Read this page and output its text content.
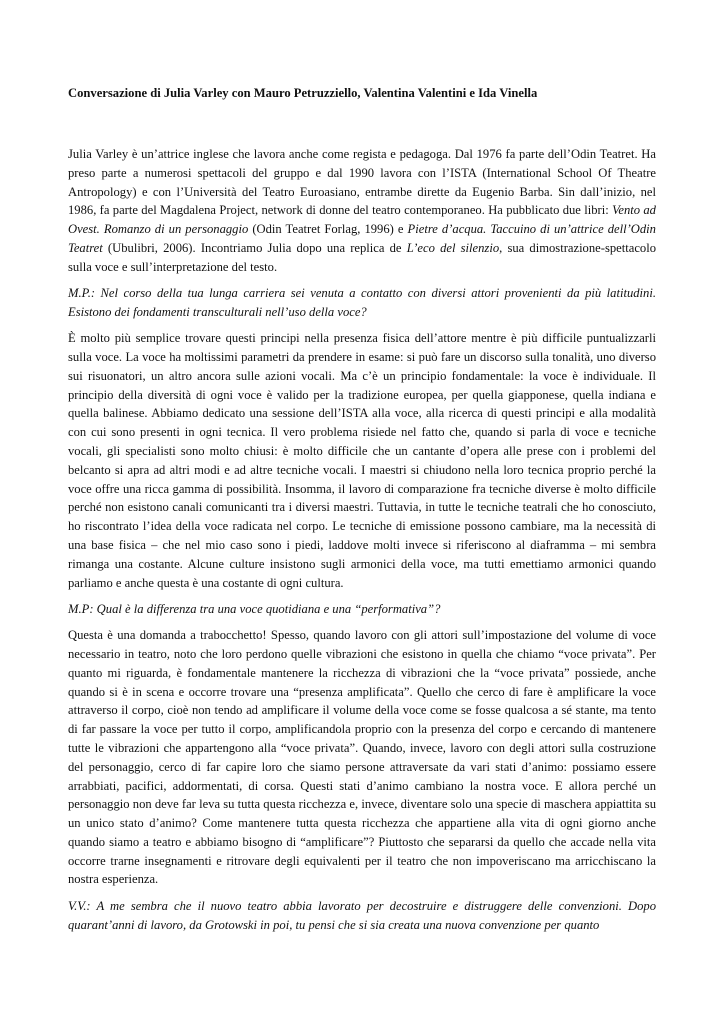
Conversazione di Julia Varley con Mauro Petruzziello, Valentina Valentini e Ida Vinella

Julia Varley è un’attrice inglese che lavora anche come regista e pedagoga. Dal 1976 fa parte dell’Odin Teatret. Ha preso parte a numerosi spettacoli del gruppo e dal 1990 lavora con l’ISTA (International School Of Theatre Antropology) e con l’Università del Teatro Euroasiano, entrambe dirette da Eugenio Barba. Sin dall’inizio, nel 1986, fa parte del Magdalena Project, network di donne del teatro contemporaneo. Ha pubblicato due libri: Vento ad Ovest. Romanzo di un personaggio (Odin Teatret Forlag, 1996) e Pietre d’acqua. Taccuino di un’attrice dell’Odin Teatret (Ubulibri, 2006). Incontriamo Julia dopo una replica de L’eco del silenzio, sua dimostrazione-spettacolo sulla voce e sull’interpretazione del testo.

M.P.: Nel corso della tua lunga carriera sei venuta a contatto con diversi attori provenienti da più latitudini. Esistono dei fondamenti transculturali nell’uso della voce?

È molto più semplice trovare questi principi nella presenza fisica dell’attore mentre è più difficile puntualizzarli sulla voce. La voce ha moltissimi parametri da prendere in esame: si può fare un discorso sulla tonalità, uno diverso sui risuonatori, un altro ancora sulle azioni vocali. Ma c’è un principio fondamentale: la voce è individuale. Il principio della diversità di ogni voce è valido per la tradizione europea, per quella giapponese, quella indiana e quella balinese. Abbiamo dedicato una sessione dell’ISTA alla voce, alla ricerca di questi principi e alla modalità con cui sono presenti in ogni tecnica. Il vero problema risiede nel fatto che, quando si parla di voce e tecniche vocali, gli specialisti sono molto chiusi: è molto difficile che un cantante d’opera alle prese con i problemi del belcanto si apra ad altri modi e ad altre tecniche vocali. I maestri si chiudono nella loro tecnica proprio perché la voce offre una ricca gamma di possibilità. Insomma, il lavoro di comparazione fra tecniche diverse è molto difficile perché non esistono canali comunicanti tra i diversi maestri. Tuttavia, in tutte le tecniche teatrali che ho conosciuto, ho riscontrato l’idea della voce radicata nel corpo. Le tecniche di emissione possono cambiare, ma la necessità di una base fisica – che nel mio caso sono i piedi, laddove molti invece si riferiscono al diaframma – mi sembra rimanga una costante. Alcune culture insistono sugli armonici della voce, ma tutti emettiamo armonici quando parliamo e anche questa è una costante di ogni cultura.

M.P: Qual è la differenza tra una voce quotidiana e una “performativa”?

Questa è una domanda a trabocchetto! Spesso, quando lavoro con gli attori sull’impostazione del volume di voce necessario in teatro, noto che loro perdono quelle vibrazioni che esistono in quella che chiamo “voce privata”. Per quanto mi riguarda, è fondamentale mantenere la ricchezza di vibrazioni che la “voce privata” possiede, anche quando si è in scena e occorre trovare una “presenza amplificata”. Quello che cerco di fare è amplificare la voce attraverso il corpo, cioè non tendo ad amplificare il volume della voce come se fosse qualcosa a sé stante, ma tento di far passare la voce per tutto il corpo, amplificandola proprio con la presenza del corpo e cercando di mantenere tutte le vibrazioni che appartengono alla “voce privata”. Quando, invece, lavoro con degli attori sulla costruzione del personaggio, cerco di far capire loro che siamo persone attraversate da vari stati d’animo: possiamo essere arrabbiati, pacifici, addormentati, di corsa. Questi stati d’animo cambiano la nostra voce. E allora perché un personaggio non deve far leva su tutta questa ricchezza e, invece, diventare solo una specie di maschera appiattita su un unico stato d’animo? Come mantenere tutta questa ricchezza che appartiene alla vita di ogni giorno anche quando siamo a teatro e abbiamo bisogno di “amplificare”? Piuttosto che separarsi da quello che accade nella vita occorre trarne insegnamenti e ritrovare degli equivalenti per il teatro che non impoveriscano ma arricchiscano la nostra esperienza.

V.V.: A me sembra che il nuovo teatro abbia lavorato per decostruire e distruggere delle convenzioni. Dopo quarant’anni di lavoro, da Grotowski in poi, tu pensi che si sia creata una nuova convenzione per quanto
